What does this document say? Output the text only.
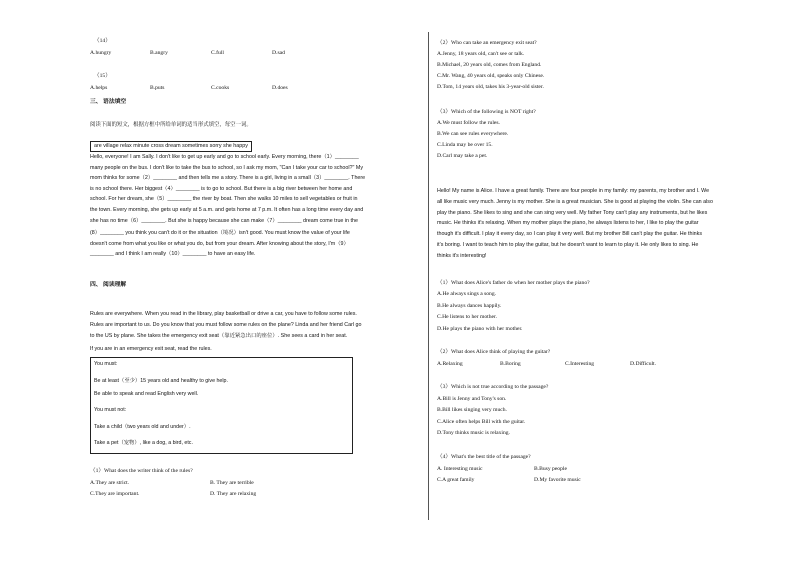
（14）
A.hungry	B.angry	C.full	D.sad
（15）
A.helps	B.puts	C.cooks	D.does
三、 语法填空
阅读下面的短文，根据方框中所给单词的适当形式填空，每空一词。
are village relax minute cross dream sometimes sorry she happy
Hello, everyone! I am Sally. I don't like to get up early and go to school early. Every morning, there（1）________
many people on the bus. I don't like to take the bus to school, so I ask my mom, "Can I take your car to school?" My
mom thinks for some（2）________ and then tells me a story. There is a girl, living in a small（3）________. There
is no school there. Her biggest（4）________ is to go to school. But there is a big river between her home and
school. For her dream, she（5）________ the river by boat. Then she walks 10 miles to sell vegetables or fruit in
the town. Every morning, she gets up early at 5 a.m. and gets home at 7 p.m. It often has a long time every day and
she has no time（6）________. But she is happy because she can make（7）________ dream come true in the
(8）________ you think you can't do it or the situation（境况）isn't good. You must know the value of your life
doesn't come from what you like or what you do, but from your dream. After knowing about the story, I'm（9）
________ and I think I am really（10）________ to have an easy life.
四、 阅读理解
Rules are everywhere. When you read in the library, play basketball or drive a car, you have to follow some rules.
Rules are important to us. Do you know that you must follow some rules on the plane? Linda and her friend Carl go
to the US by plane. She takes the emergency exit seat（靠近紧急出口的座位）. She sees a card in her seat.
If you are in an emergency exit seat, read the rules.
You must:
Be at least（至少）15 years old and healthy to give help.
Be able to speak and read English very well.
You must not:
Take a child（two years old and under）.
Take a pet（宠物）, like a dog, a bird, etc.
（1）What does the writer think of the rules?
A.They are strict.	B. They are terrible
C.They are important.	D. They are relaxing
（2）Who can take an emergency exit seat?
A.Jenny, 18 years old, can't see or talk.
B.Michael, 20 years old, comes from England.
C.Mr. Wang, 40 years old, speaks only Chinese.
D.Tom, 14 years old, takes his 3-year-old sister.
（3）Which of the following is NOT right?
A.We must follow the rules.
B.We can see rules everywhere.
C.Linda may be over 15.
D.Carl may take a pet.
Hello! My name is Alice. I have a great family. There are four people in my family: my parents, my brother and I. We
all like music very much. Jenny is my mother. She is a great musician. She is good at playing the violin. She can also
play the piano. She likes to sing and she can sing very well. My father Tony can't play any instruments, but he likes
music. He thinks it's relaxing. When my mother plays the piano, he always listens to her, I like to play the guitar
though it's difficult. I play it every day, so I can play it very well. But my brother Bill can't play the guitar. He thinks
it's boring. I want to teach him to play the guitar, but he doesn't want to learn to play it. He only likes to sing. He
thinks it's interesting!
（1）What does Alice's father do when her mother plays the piano?
A.He always sings a song.
B.He always dances happily.
C.He listens to her mother.
D.He plays the piano with her mother.
（2）What does Alice think of playing the guitar?
A.Relaxing	B.Boring	C.Interesting	D.Difficult.
（3）Which is not true according to the passage?
A.Bill is Jenny and Tony's son.
B.Bill likes singing very much.
C.Alice often helps Bill with the guitar.
D.Tony thinks music is relaxing.
（4）What's the best title of the passage?
A. Interesting music	B.Busy people
C.A great family	D.My favorite music
